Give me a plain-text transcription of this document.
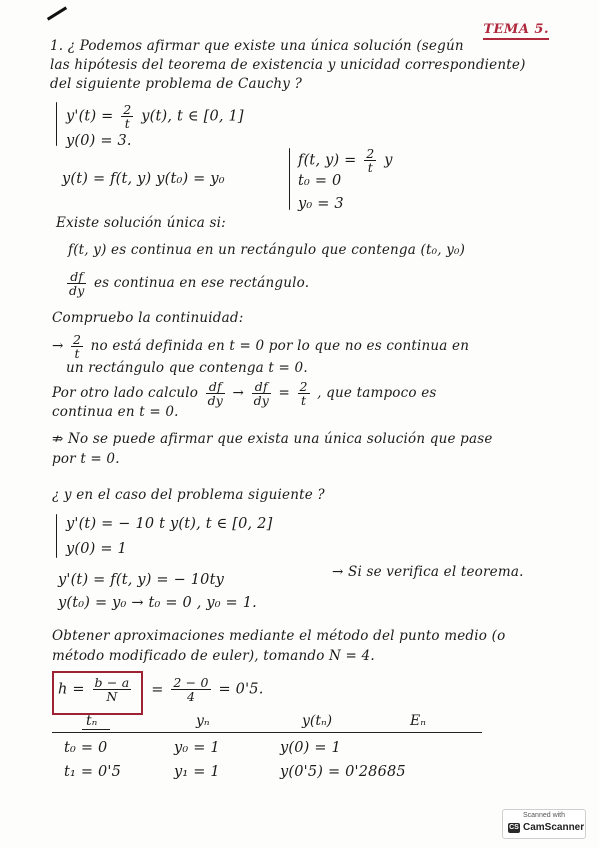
TEMA 5.
1. ¿ Podemos afirmar que existe una única solución (según
las hipótesis del teorema de existencia y unicidad correspondiente)
del siguiente problema de Cauchy ?
$y'(t) = \frac{2}{t} y(t)$, t ∈ [0, 1]
y(0) = 3.
y(t) = f(t, y) y(t₀) = y₀
f(t, $y) = \frac{2}{t}$ y
t₀ = 0
y₀ = 3
Existe solución única si:
f(t, y) es continua en un rectángulo que contenga (t₀, y₀)
$\frac{df}{dy}$ es continua en ese rectángulo.
Compruebo la continuidad:
→ $\frac{2}{t}$ no está definida en t = 0 por lo que no es continua en
un rectángulo que contenga t = 0.
Por otro lado calculo $\frac{df}{dy} \to \frac{df}{dy} = \frac{2}{t}$ , que tampoco es
continua en t = 0.
⇏ No se puede afirmar que exista una única solución que pase
por t = 0.
¿ y en el caso del problema siguiente ?
y'(t) = − 10 t y(t), t ∈ [0, 2]
y(0) = 1
y'(t) = f(t, y) = − 10ty	→ Si se verifica el teorema.
y(t₀) = y₀ → t₀ = 0 , y₀ = 1.
Obtener aproximaciones mediante el método del punto medio (o
método modificado de euler), tomando N = 4.
$h = \frac{b - a}{N} = \frac{2 - 0}{4} = 0'5$.
tₙ	yₙ	y(tₙ)	Eₙ
t₀ = 0	y₀ = 1	y(0) = 1
t₁ = 0'5	y₁ = 1	y(0'5) = 0'28685
Scanned with
CS CamScanner
